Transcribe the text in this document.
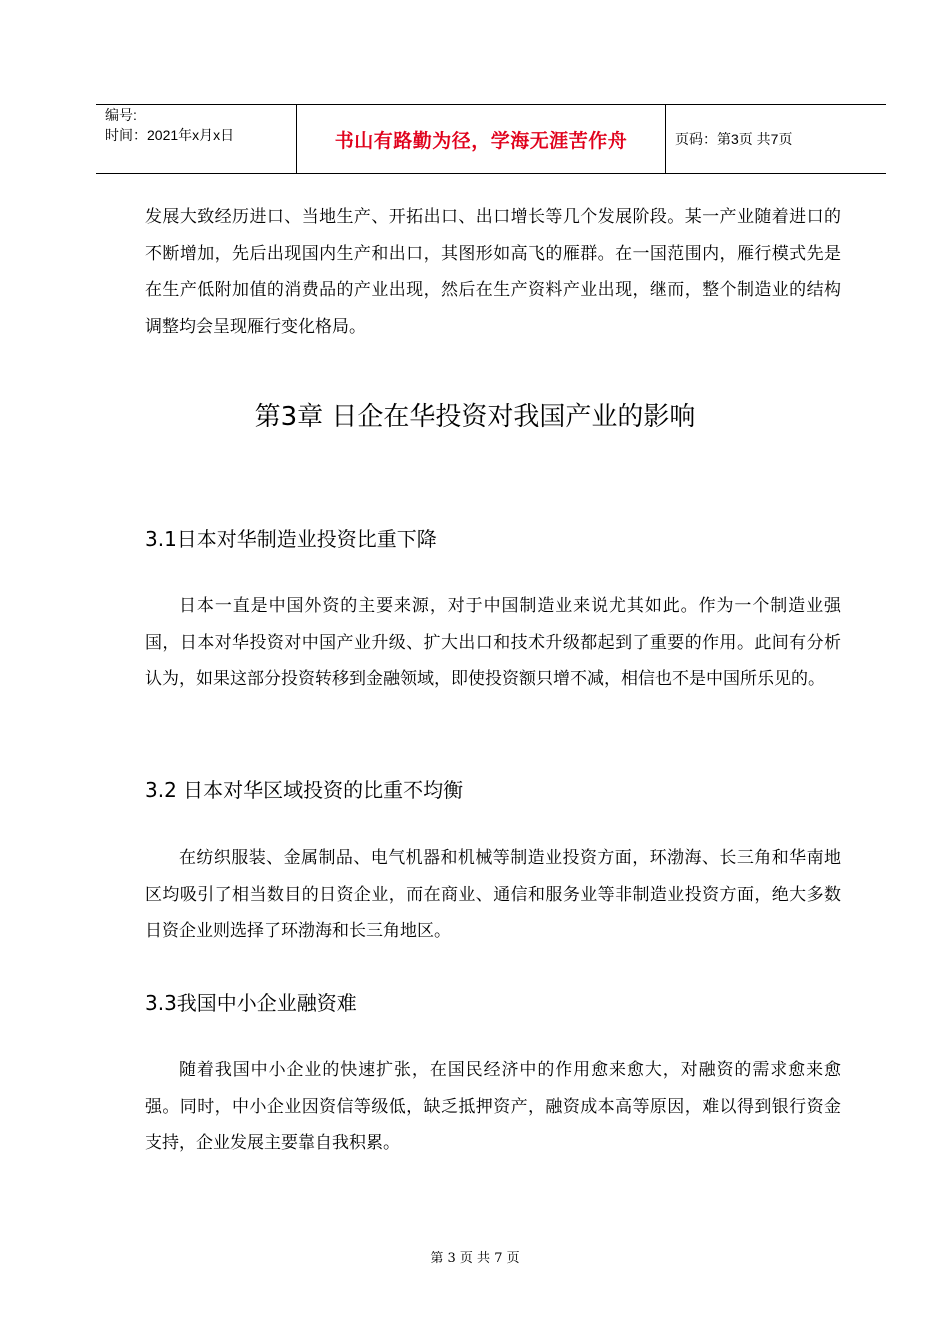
编号:
时间：2021年x月x日	书山有路勤为径，学海无涯苦作舟	页码：第3页 共7页

发展大致经历进口、当地生产、开拓出口、出口增长等几个发展阶段。某一产业随着进口的不断增加，先后出现国内生产和出口，其图形如高飞的雁群。在一国范围内，雁行模式先是在生产低附加值的消费品的产业出现，然后在生产资料产业出现，继而，整个制造业的结构调整均会呈现雁行变化格局。

第3章 日企在华投资对我国产业的影响
3.1日本对华制造业投资比重下降

日本一直是中国外资的主要来源，对于中国制造业来说尤其如此。作为一个制造业强国，日本对华投资对中国产业升级、扩大出口和技术升级都起到了重要的作用。此间有分析认为，如果这部分投资转移到金融领域，即使投资额只增不减，相信也不是中国所乐见的。

3.2 日本对华区域投资的比重不均衡

在纺织服装、金属制品、电气机器和机械等制造业投资方面，环渤海、长三角和华南地区均吸引了相当数目的日资企业，而在商业、通信和服务业等非制造业投资方面，绝大多数日资企业则选择了环渤海和长三角地区。

3.3我国中小企业融资难

随着我国中小企业的快速扩张，在国民经济中的作用愈来愈大，对融资的需求愈来愈强。同时，中小企业因资信等级低，缺乏抵押资产，融资成本高等原因，难以得到银行资金支持，企业发展主要靠自我积累。

第 3 页 共 7 页
